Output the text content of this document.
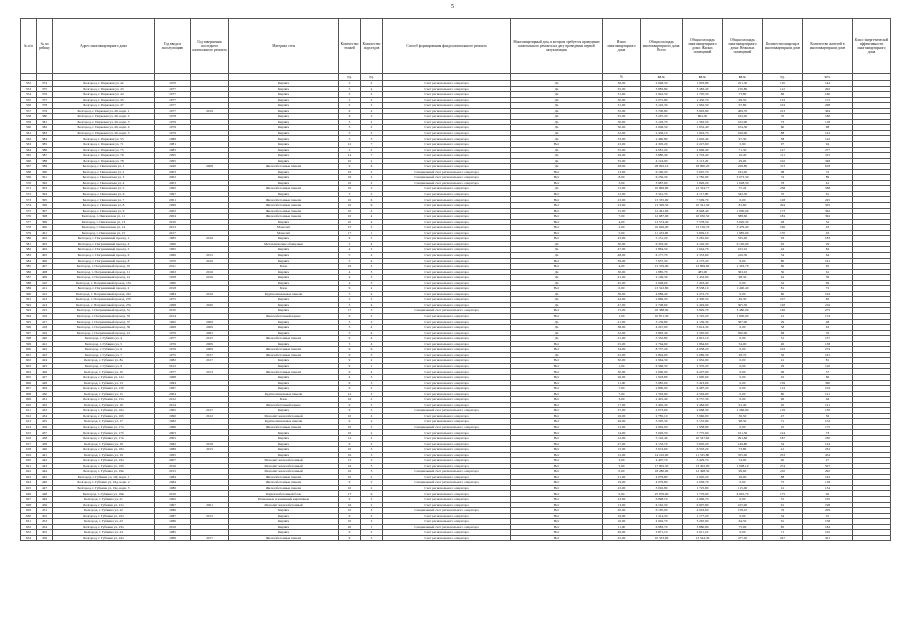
5
№ п/п	№ по рейону	Адрес многоквартирного дома	Год ввода в эксплуатацию	Год завершения последнего капитального ремонта	Материал стен	Количество этажей	Количество подъездов	Способ формирования фонда капитального ремонта	Многоквартирный дом, в котором требуется проведение капитального ремонта на дату проведения первой актуализации	Износ многоквартирного дома	Общая площадь многоквартирного дома: Всего	Общая площадь многоквартирного дома: Жилых помещений	Общая площадь многоквартирного дома: Нежилых помещений	Количество квартир в многоквартирном доме	Количество жителей в многоквартирном доме	Класс энергетической эффективности многоквартирного дома
						ед.	ед.			%	кв.м.	кв.м.	кв.м.	ед.	чел.	
552	374	Белгород, г. Парковая ул, 42	1970		Кирпич	5	2	Счет регионального оператора	Да	36,00	2 648,50	1 903,80	251,30	110	144	
553	375	Белгород, г. Парковая ул, 43	1977		Кирпич	5	4	Счет регионального оператора	Да	35,00	3 883,80	3 383,40	150,80	112	202	
554	376	Белгород, г. Парковая ул, 44	1977		Кирпич	5	2	Счет регионального оператора	Да	31,00	2 942,50	1 795,50	73,80	86	160	
555	377	Белгород, г. Парковая ул, 45	1977		Кирпич	5	2	Счет регионального оператора	Да	30,00	2 075,80	1 450,70	99,50	133	172	
556	378	Белгород, г. Парковая ул, 47	1977		Кирпич	5	2	Счет регионального оператора	Да	31,00	3 102,30	1 962,50	97,80	104	268	
557	379	Белгород, г. Парковая ул, 49, корп. 1	1977	2019	Кирпич	9	4	Счет регионального оператора	Да	35,00	5 700,80	3 903,80	409,70	213	304	
558	380	Белгород, г. Парковая ул, 49, корп. 2	1978		Кирпич	6	3	Счет регионального оператора	Да	35,00	3 267,20	804,30	163,40	70	180	
559	381	Белгород, г. Парковая ул, 49, корп. 3	1979		Кирпич	5	2	Счет регионального оператора	Да	30,00	5 102,70	1 363,50	102,90	73	118	
560	382	Белгород, г. Парковая ул, 49, корп. 4	1979		Кирпич	5	2	Счет регионального оператора	Да	30,00	2 006,50	1 652,40	104,30	60	98	
561	383	Белгород, г. Парковая ул, 49, корп. 5	1979		Кирпич	5	3	Счет регионального оператора	Да	32,00	2 436,10	1 943,70	106,90	88	122	
562	384	Белгород, г. Парковая ул, 55	1989		Кирпич	5	3	Счет регионального оператора	Да	33,00	2 460,80	1 602,40	97,30	58	122	
563	385	Белгород, г. Парковая ул, 71	1981		Кирпич	12	7	Счет регионального оператора	Нет	23,00	4 305,20	2 227,60	5,90	97	94	
564	386	Белгород, г. Парковая ул, 75	1985		Кирпич	5	2	Счет регионального оператора	Да	35,00	4 081,20	2 666,40	71,30	127	277	
565	387	Белгород, г. Парковая ул, 76	1995		Кирпич	14	7	Счет регионального оператора	Да	29,00	3 880,40	2 703,40	16,40	111	315	
566	388	Белгород, г. Парковая ул, 78	1995		Кирпич	10	2	Счет регионального оператора	Да	35,00	4 124,00	3 113,20	29,00	102	348	
567	389	Белгород, г. Пензенская ул, 1	1940	2008	Железобетонные панели	9	6	Счет регионального оператора	Да	28,00	28 002,10	18 890,20	228,80	313	618	
568	390	Белгород, г. Пензенская ул, 2	2003		Кирпич	16	2	Специальный счет регионального оператора	Нет	13,00	6 160,20	5 067,70	193,40	98	72	
569	391	Белгород, г. Пензенская ул, 3	2002		Кирпич	16	2	Специальный счет регионального оператора	Нет	8,00	6 256,30	2 782,90	3 073,30	74	89	
570	392	Белгород, г. Пензенская ул, 4	2003		Кирпич	10	2	Специальный счет регионального оператора	Нет	3,00	3 987,60	1 826,20	1 028,50	78	61	
571	393	Белгород, г. Пензенская ул, 5	1992		Железобетонные панели	10	3	Счет регионального оператора	Да	15,00	10 869,80	12 334,77	57,42	238	568	
572	394	Белгород, г. Пензенская ул, 6	1997		Кирпич	5	2	Счет регионального оператора	Нет	12,00	3 341,70	4 117,80	342,30	70	61	
573	395	Белгород, г. Пензенская ул, 7	2001		Железобетонные панели	10	6	Счет регионального оператора	Нет	23,00	13 335,90	7 509,70	0,00	128	245	
574	396	Белгород, г. Пензенская ул, 8	1999		Железобетонные панели	10	6	Счет регионального оператора	Нет	23,00	13 306,50	10 341,50	81,60	204	505	
575	397	Белгород, г. Пензенская ул, 9	2002		Железобетонные панели	10	4	Счет регионального оператора	Нет	15,00	12 461,00	8 948,40	1 000,00	173	362	
576	398	Белгород, г. Пензенская ул, 11	2004		Железобетонные панели	10	4	Счет регионального оператора	Нет	7,00	12 687,00	10 030,50	388,60	184	392	
577	399	Белгород, г. Пензенская ул, 13	2010		Кирпич	10	4	Счет регионального оператора	Нет	4,00	13 574,40	7 578,50	3 020,30	48	52	
578	400	Белгород, г. Пензенская ул, 14	2013		Монолит	15	3	Счет регионального оператора	Нет	2,00	16 626,00	13 136,70	3 479,40	166	43	
579	401	Белгород, г. Пензенская ул, 15	2017		Монолит	17	1	Счет регионального оператора	Нет	5,00	11 433,60	5 849,10	1 985,00	170	45	
580	402	Белгород, г. Пограничный проезд, 1	1985	2016	Кирпич	9	5	Счет регионального оператора	Нет	43,00	5 131,20	3 281,60	535,40	93	183	
581	403	Белгород, г. Пограничный проезд, 4	1966		Металлические облицовки	5	4	Счет регионального оператора	Да	30,00	6 303,40	4 102,30	6 140,00	92	29	
582	404	Белгород, г. Пограничный проезд, 5	1965		Кирпич	4	2	Счет регионального оператора	Да	47,00	2 864,50	1 644,70	103,10	44	84	
583	405	Белгород, г. Пограничный проезд, 6	1966	2015	Кирпич	5	4	Счет регионального оператора	Да	48,00	6 177,70	2 353,60	416,30	54	64	
584	406	Белгород, г. Пограничный проезд, 8	1970	2016	Кирпич	5	4	Счет регионального оператора	Нет	39,00	7 637,50	4 175,20	9,00	80	161	
585	407	Белгород, г. Пограничный проезд, 10	2011		Блок	16	2	Счет регионального оператора	Нет	4,00	13 319,90	12 809,60	1 303,70	60	65	
586	408	Белгород, г. Пограничный проезд, 11	1963	2016	Кирпич	4	3	Счет регионального оператора	Да	30,00	1 885,70	485,00	363,10	30	61	
587	409	Белгород, г. Пограничный проезд, 12	1958	2016	Кирпич	4	3	Счет регионального оператора	Да	41,00	2 106,30	1 432,60	98,30	42	39	
588	410	Белгород, г. Пограничный проезд, 13а	1960		Кирпич	4	3	Счет регионального оператора	Да	45,00	2 048,00	1 403,40	0,00	32	69	
589	411	Белгород, г. Пограничный проезд, 2	2018		Блок	9	2	Счет регионального оператора	Нет	0,00	13 322,80	8 538,10	1 400,40	81	72	
590	412	Белгород, г. Пограничный проезд, 22а	1984	2016	Крупнопанельные панели	5	4	Счет регионального оператора	Да	36,00	4 686,40	2 272,70	0,00	60	194	
591	413	Белгород, г. Пограничный проезд, 27б	1975		Кирпич	5	3	Счет регионального оператора	Да	42,00	2 869,20	2 300,50	49,30	107	82	
592	414	Белгород, г. Пограничный проезд, 27в	1968	2020	Кирпич	5	4	Счет регионального оператора	Да	47,00	2 708,60	2 494,00	305,30	128	216	
593	415	Белгород, г. Пограничный проезд, 31	2010		Кирпич	17	3	Специальный счет регионального оператора	Нет	15,00	16 388,00	3 829,70	3 480,00	146	275	
594	416	Белгород, г. Пограничный проезд, 35	2014		Железобетонный каркас	9	2	Счет регионального оператора	Нет	1,00	10 871,30	3 745,20	1 600,00	41	174	
595	417	Белгород, г. Пограничный проезд, 37	1962	2009	Кирпич	5	3	Счет регионального оператора	Да	41,00	3 139,80	2 139,30	367,00	29	48	
596	418	Белгород, г. Пограничный проезд, 39	1969	2009	Кирпич	5	4	Счет регионального оператора	Да	38,00	4 247,00	3 614,30	0,00	58	63	
597	419	Белгород, г. Пограничный проезд, 41	1976	2005	Кирпич	5	4	Счет регионального оператора	Да	32,00	3 865,40	2 565,00	950,00	68	76	
598	420	Белгород, г. Губкина ул, 4	1977	2015	Железобетонные панели	9	4	Счет регионального оператора	Да	21,00	5 332,80	4 815,10	0,00	51	137	
599	421	Белгород, г. Губкина ул, 5	1976	2009	Кирпич	5	4	Счет регионального оператора	Нет	25,00	2 764,60	1 864,60	54,00	40	138	
600	422	Белгород, г. Губкина ул, 6	1976	2009	Железобетонные панели	9	6	Счет регионального оператора	Нет	34,00	8 737,20	4 958,20	0,00	103	274	
601	423	Белгород, г. Губкина ул, 7	1975	2017	Железобетонные панели	9	2	Счет регионального оператора	Да	25,00	2 894,00	2 089,30	28,70	36	161	
602	424	Белгород, г. Губкина ул, 8а	1982	2017	Кирпич	9	2	Счет регионального оператора	Нет	30,00	2 964,30	1 932,90	0,00	41	81	
603	425	Белгород, г. Губкина ул, 9	2012		Кирпич	9	1	Счет регионального оператора	Нет	1,00	6 366,50	2 370,20	0,00	29	120	
604	426	Белгород, г. Губкина ул, 10	1977	2013	Железобетонные панели	9	4	Счет регионального оператора	Нет	30,00	2 000,00	6 207,00	0,00	99	57	
605	427	Белгород, г. Губкина ул, 12а	1968		Кирпич	4	3	Счет регионального оператора	Нет	26,00	1 918,80	1 000,00	0,00	45	66	
606	428	Белгород, г. Губкина ул, 13	1994		Кирпич	9	3	Счет регионального оператора	Нет	11,00	5 985,00	5 423,60	0,00	139	360	
607	429	Белгород, г. Губкина ул, 13б	1997		Кирпич	9	2	Счет регионального оператора	Нет	7,00	2 800,00	6 487,20	0,00	114	104	
608	430	Белгород, г. Губкина ул, 15	2004		Крупнопанельные панели	12	3	Счет регионального оператора	Нет	7,00	1 593,90	4 504,90	0,00	80	121	
609	431	Белгород, г. Губкина ул, 15а	2012		Блок	16	2	Счет регионального оператора	Нет	3,00	2 401,40	6 757,30	0,00	96	64	
610	432	Белгород, г. Губкина ул, 16	2014		Железобетонный каркас	9	3	Счет регионального оператора	Нет	17,00	3 462,30	2 484,00	61,40	20	121	
611	433	Белгород, г. Губкина ул, 16а	1965	2017	Кирпич	9	3	Специальный счет регионального оператора	Нет	27,00	2 073,60	2 668,30	1 266,60	119	130	
612	434	Белгород, г. Губкина ул, 16б	1990	2012	Монолит железобетонный	10	2	Счет регионального оператора	Нет	16,00	2 785,10	3 960,00	30,50	47	56	
613	435	Белгород, г. Губкина ул, 17	1982		Крупнопанельные панели	9	2	Счет регионального оператора	Нет	26,00	3 595,30	5 155,80	98,30	71	152	
614	436	Белгород, г. Губкина ул, 17а	1986		Железобетонные панели	10	3	Специальный счет регионального оператора	Нет	15,00	4 902,00	1 958,80	0,00	25	175	
615	437	Белгород, г. Губкина ул, 17б	2003		Кирпич	10	2	Счет регионального оператора	Нет	14,00	3 026,50	7 775,00	101,50	124	73	
616	438	Белгород, г. Губкина ул, 17в	2005		Кирпич	12	2	Счет регионального оператора	Нет	12,00	5 102,40	10 547,60	291,60	187	230	
617	439	Белгород, г. Губкина ул, 18	1982	2018	Кирпич	9	2	Счет регионального оператора	Нет	27,00	4 153,70	3 605,20	149,80	54	124	
618	440	Белгород, г. Губкина ул, 18а	1989	2015	Кирпич	10	3	Счет регионального оператора	Нет	15,00	3 674,60	6 503,20	73,80	41	232	
619	441	Белгород, г. Губкина ул, 19	1995		Кирпич	16	3	Счет регионального оператора	Нет	12,00	14 102,00	11 325,80	355,40	233	454	
620	442	Белгород, г. Губкина ул, 19а	2007		Монолит железобетонный	15	3	Счет регионального оператора	Нет	3,00	4 497,70	3 429,70	74,00	40	27	
621	443	Белгород, г. Губкина ул, 19б	2016		Монолит железобетонный	16	3	Счет регионального оператора	Нет	5,00	17 905,30	13 402,00	1 098,10	274	507	
622	444	Белгород, г. Губкина ул, 19в	2015		Монолит железобетонный	16	3	Специальный счет регионального оператора	Нет	0,00	18 280,90	12 498,30	99,60	210	292	
623	445	Белгород, г. Губкина ул, 19г, корп. 1	1984		Железобетонные панели	10	2	Счет регионального оператора	Нет	21,00	4 079,80	2 020,20	26,00	88	163	
624	446	Белгород, г. Губкина ул, 19д, корп. 2	1984		Железобетонные панели	9	2	Специальный счет регионального оператора	Нет	19,00	4 079,80	2 039,70	0,00	75	118	
625	447	Белгород, г. Губкина ул, 19е, корп. 3	1986		Железобетонные панели	10	2	Счет регионального оператора	Нет	23,00	3 002,80	1 725,80	115,00	41	134	
626	448	Белгород, г. Губкина ул, 19ж	2010		Каркаснобетонный блок	17	6	Счет регионального оператора	Нет	0,00	25 876,00	1 776,60	6 945,70	175	92	
627	449	Белгород, г. Губкина ул, 21	1992		Панельные и каменный кирпичные	9	3	Счет регионального оператора	Нет	23,00	6 898,10	2 966,70	0,00	31	105	
628	450	Белгород, г. Губкина ул, 21а	1997	2001	Монолит железобетонный	16	2	Счет регионального оператора	Нет	13,00	6 162,50	6 997,80	105,90	91	198	
629	451	Белгород, г. Губкина ул, 22	1986		Кирпич	10	3	Специальный счет регионального оператора	Нет	20,00	6 165,00	4 003,60	158,10	79	209	
630	452	Белгород, г. Губкина ул, 22а	1987	2015	Кирпич	9	2	Счет регионального оператора	Нет	19,00	1 314,50	1 177,20	0,00	54	91	
631	453	Белгород, г. Губкина ул, 23	1986		Кирпич	10	3	Счет регионального оператора	Нет	16,00	4 902,70	3 265,90	64,50	61	158	
632	454	Белгород, г. Губкина ул, 23а	2016		Кирпич	20	1	Специальный счет регионального оператора	Нет	11,00	6 983,70	3 880,80	75,00	85	184	
633	455	Белгород, г. Губкина ул, 24	1985		Кирпич	9	2	Счет регионального оператора	Нет	26,00	3 871,10	2 611,10	0,00	71	162	
634	456	Белгород, г. Губкина ул, 24а	1989	2017	Железобетонные панели	9	3	Счет регионального оператора	Нет	25,00	10 333,60	13 544,30	477,20	247	431	
